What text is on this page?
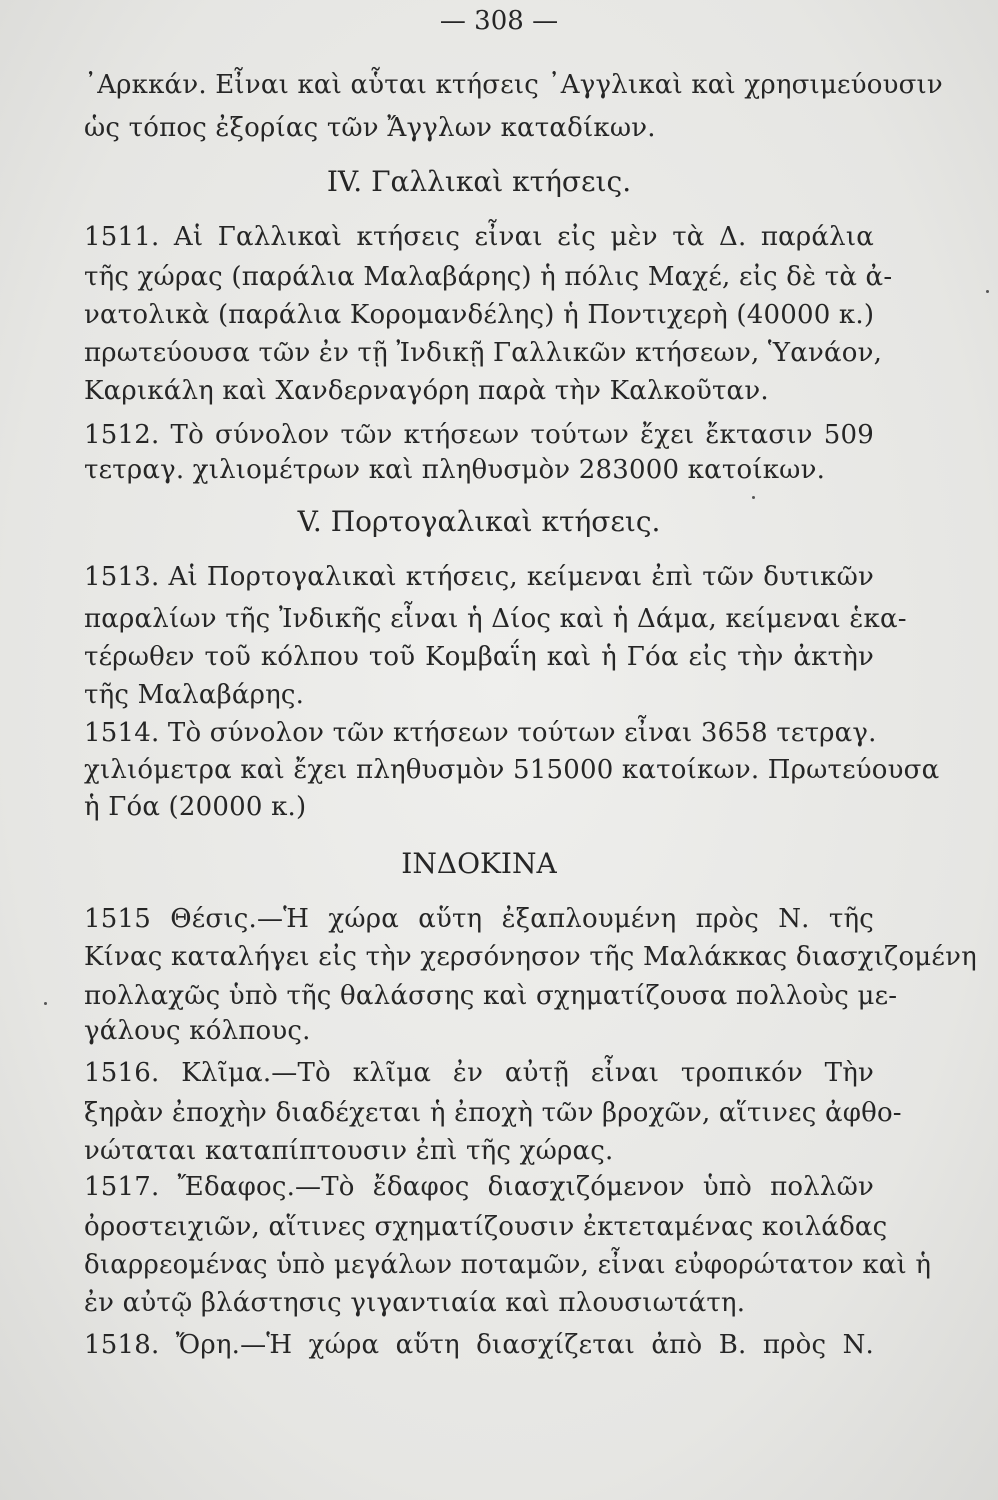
— 308 —
᾿Αρκκάν. Εἶναι καὶ αὗται κτήσεις ᾿Αγγλικαὶ καὶ χρησιμεύουσιν
ὡς τόπος ἐξορίας τῶν Ἄγγλων καταδίκων.
IV. Γαλλικαὶ κτήσεις.
1511. Αἱ Γαλλικαὶ κτήσεις εἶναι εἰς μὲν τὰ Δ. παράλια
τῆς χώρας (παράλια Μαλαβάρης) ἡ πόλις Μαχέ, εἰς δὲ τὰ ἀ-
νατολικὰ (παράλια Κορομανδέλης) ἡ Ποντιχερὴ (40000 κ.)
πρωτεύουσα τῶν ἐν τῇ Ἰνδικῇ Γαλλικῶν κτήσεων, Ὑανάον,
Καρικάλη καὶ Χανδερναγόρη παρὰ τὴν Καλκοῦταν.
1512. Τὸ σύνολον τῶν κτήσεων τούτων ἔχει ἔκτασιν 509
τετραγ. χιλιομέτρων καὶ πληθυσμὸν 283000 κατοίκων.
V. Πορτογαλικαὶ κτήσεις.
1513. Αἱ Πορτογαλικαὶ κτήσεις, κείμεναι ἐπὶ τῶν δυτικῶν
παραλίων τῆς Ἰνδικῆς εἶναι ἡ Δίος καὶ ἡ Δάμα, κείμεναι ἑκα-
τέρωθεν τοῦ κόλπου τοῦ Κομβαΐη καὶ ἡ Γόα εἰς τὴν ἀκτὴν
τῆς Μαλαβάρης.
1514. Τὸ σύνολον τῶν κτήσεων τούτων εἶναι 3658 τετραγ.
χιλιόμετρα καὶ ἔχει πληθυσμὸν 515000 κατοίκων. Πρωτεύουσα
ἡ Γόα (20000 κ.)
ΙΝΔΟΚΙΝΑ
1515 Θέσις.—Ἡ χώρα αὕτη ἐξαπλουμένη πρὸς Ν. τῆς
Κίνας καταλήγει εἰς τὴν χερσόνησον τῆς Μαλάκκας διασχιζομένη
πολλαχῶς ὑπὸ τῆς θαλάσσης καὶ σχηματίζουσα πολλοὺς με-
γάλους κόλπους.
1516. Κλῖμα.—Τὸ κλῖμα ἐν αὐτῇ εἶναι τροπικόν Τὴν
ξηρὰν ἐποχὴν διαδέχεται ἡ ἐποχὴ τῶν βροχῶν, αἵτινες ἀφθο-
νώταται καταπίπτουσιν ἐπὶ τῆς χώρας.
1517. Ἔδαφος.—Τὸ ἔδαφος διασχιζόμενον ὑπὸ πολλῶν
ὀροστειχιῶν, αἵτινες σχηματίζουσιν ἐκτεταμένας κοιλάδας
διαρρεομένας ὑπὸ μεγάλων ποταμῶν, εἶναι εὐφορώτατον καὶ ἡ
ἐν αὐτῷ βλάστησις γιγαντιαία καὶ πλουσιωτάτη.
1518. Ὄρη.—Ἡ χώρα αὕτη διασχίζεται ἀπὸ Β. πρὸς Ν.
